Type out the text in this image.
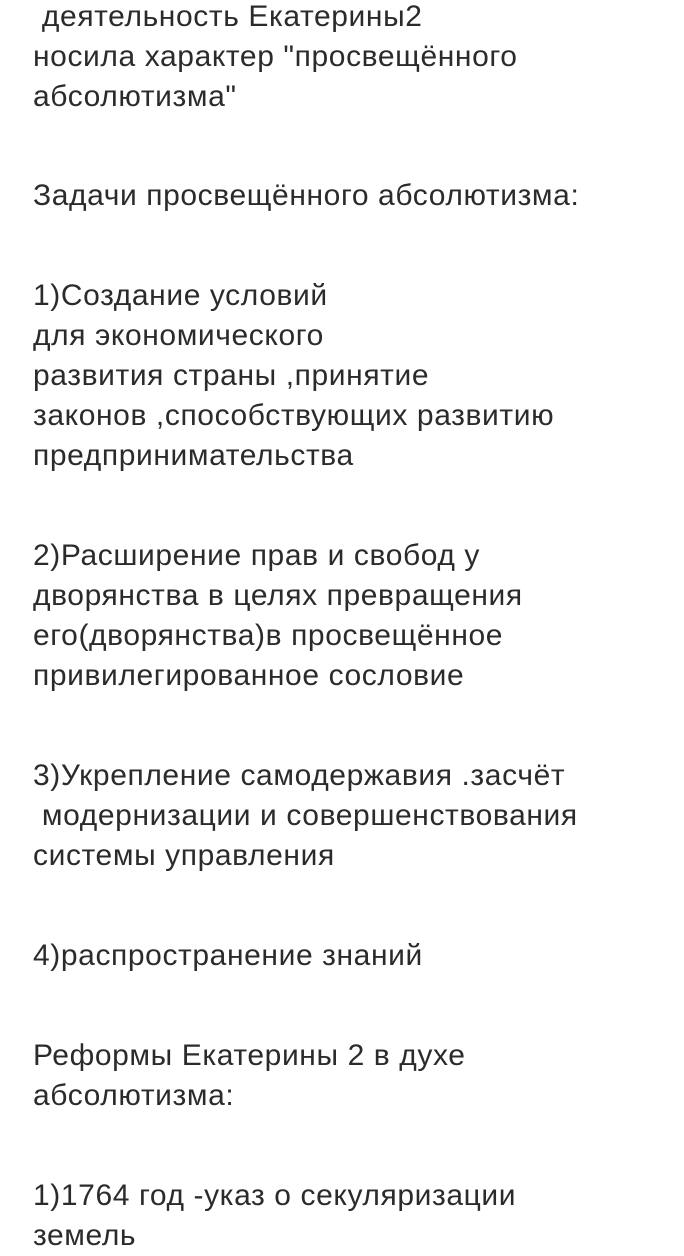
деятельность Екатерины2
носила характер "просвещённого
абсолютизма"
Задачи просвещённого абсолютизма:
1)Создание условий
для экономического
развития страны ,принятие
законов ,способствующих развитию
предпринимательства
2)Расширение прав и свобод у
дворянства в целях превращения
его(дворянства)в просвещённое
привилегированное сословие
3)Укрепление самодержавия .засчёт
модернизации и совершенствования
системы управления
4)распространение знаний
Реформы Екатерины 2 в духе
абсолютизма:
1)1764 год -указ о секуляризации
земель
